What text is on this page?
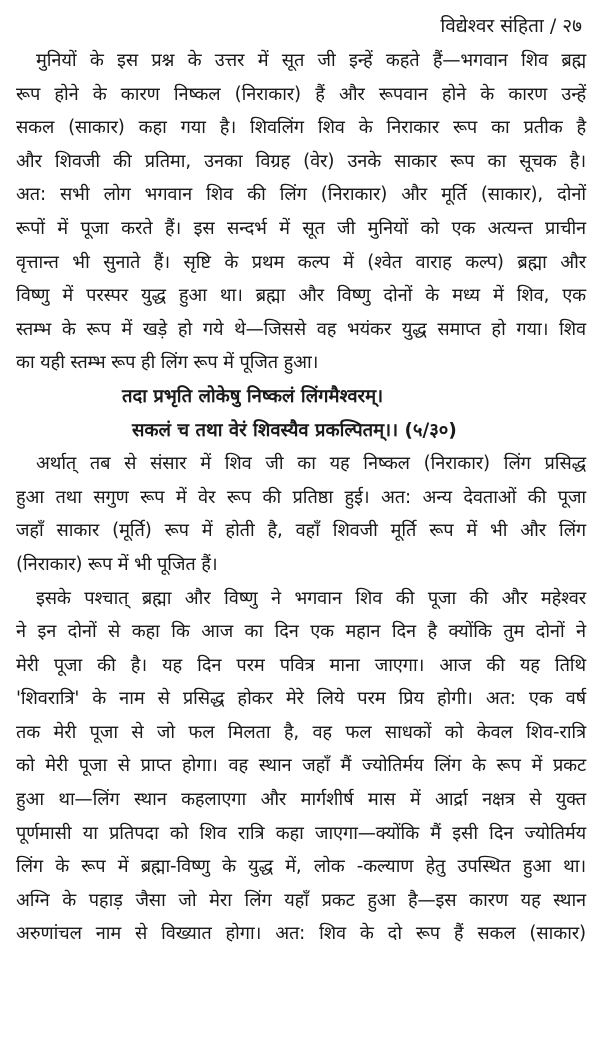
विद्येश्वर संहिता / २७
मुनियों के इस प्रश्न के उत्तर में सूत जी इन्हें कहते हैं—भगवान शिव ब्रह्म
रूप होने के कारण निष्कल (निराकार) हैं और रूपवान होने के कारण उन्हें
सकल (साकार) कहा गया है। शिवलिंग शिव के निराकार रूप का प्रतीक है
और शिवजी की प्रतिमा, उनका विग्रह (वेर) उनके साकार रूप का सूचक है।
अत: सभी लोग भगवान शिव की लिंग (निराकार) और मूर्ति (साकार), दोनों
रूपों में पूजा करते हैं। इस सन्दर्भ में सूत जी मुनियों को एक अत्यन्त प्राचीन
वृत्तान्त भी सुनाते हैं। सृष्टि के प्रथम कल्प में (श्वेत वाराह कल्प) ब्रह्मा और
विष्णु में परस्पर युद्ध हुआ था। ब्रह्मा और विष्णु दोनों के मध्य में शिव, एक
स्तम्भ के रूप में खड़े हो गये थे—जिससे वह भयंकर युद्ध समाप्त हो गया। शिव
का यही स्तम्भ रूप ही लिंग रूप में पूजित हुआ।
तदा प्रभृति लोकेषु निष्कलं लिंगमैश्वरम्।
सकलं च तथा वेरं शिवस्यैव प्रकल्पितम्।। (५/३०)
अर्थात् तब से संसार में शिव जी का यह निष्कल (निराकार) लिंग प्रसिद्ध
हुआ तथा सगुण रूप में वेर रूप की प्रतिष्ठा हुई। अत: अन्य देवताओं की पूजा
जहाँ साकार (मूर्ति) रूप में होती है, वहाँ शिवजी मूर्ति रूप में भी और लिंग
(निराकार) रूप में भी पूजित हैं।
इसके पश्चात् ब्रह्मा और विष्णु ने भगवान शिव की पूजा की और महेश्वर
ने इन दोनों से कहा कि आज का दिन एक महान दिन है क्योंकि तुम दोनों ने
मेरी पूजा की है। यह दिन परम पवित्र माना जाएगा। आज की यह तिथि
'शिवरात्रि' के नाम से प्रसिद्ध होकर मेरे लिये परम प्रिय होगी। अत: एक वर्ष
तक मेरी पूजा से जो फल मिलता है, वह फल साधकों को केवल शिव-रात्रि
को मेरी पूजा से प्राप्त होगा। वह स्थान जहाँ मैं ज्योतिर्मय लिंग के रूप में प्रकट
हुआ था—लिंग स्थान कहलाएगा और मार्गशीर्ष मास में आर्द्रा नक्षत्र से युक्त
पूर्णमासी या प्रतिपदा को शिव रात्रि कहा जाएगा—क्योंकि मैं इसी दिन ज्योतिर्मय
लिंग के रूप में ब्रह्मा-विष्णु के युद्ध में, लोक -कल्याण हेतु उपस्थित हुआ था।
अग्नि के पहाड़ जैसा जो मेरा लिंग यहाँ प्रकट हुआ है—इस कारण यह स्थान
अरुणांचल नाम से विख्यात होगा। अत: शिव के दो रूप हैं सकल (साकार)
